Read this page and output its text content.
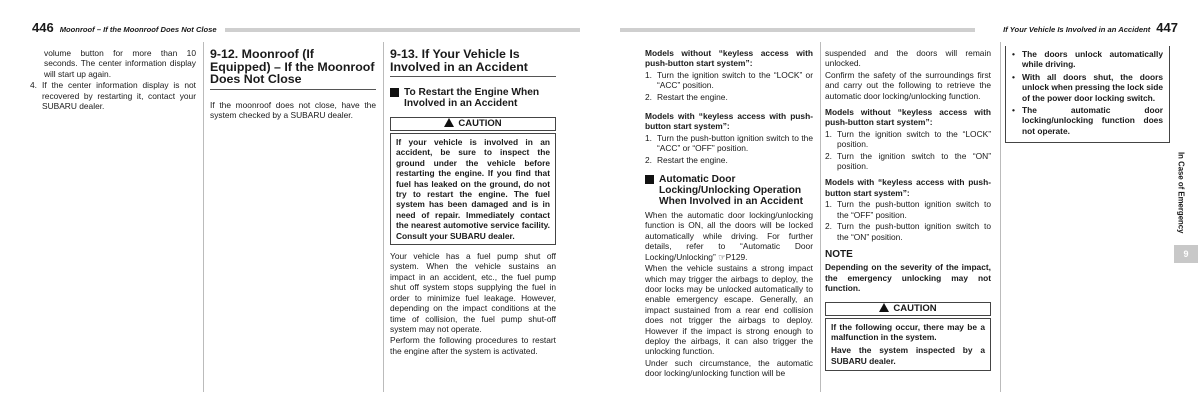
446 Moonroof – If the Moonroof Does Not Close	If Your Vehicle Is Involved in an Accident 447

volume button for more than 10 seconds. The center information display will start up again.

4. If the center information display is not recovered by restarting it, contact your SUBARU dealer.
9-12. Moonroof (If Equipped) – If the Moonroof Does Not Close

If the moonroof does not close, have the system checked by a SUBARU dealer.

9-13. If Your Vehicle Is Involved in an Accident
To Restart the Engine When Involved in an Accident
CAUTION
If your vehicle is involved in an accident, be sure to inspect the ground under the vehicle before restarting the engine. If you find that fuel has leaked on the ground, do not try to restart the engine. The fuel system has been damaged and is in need of repair. Immediately contact the nearest automotive service facility. Consult your SUBARU dealer.

Your vehicle has a fuel pump shut off system. When the vehicle sustains an impact in an accident, etc., the fuel pump shut off system stops supplying the fuel in order to minimize fuel leakage. However, depending on the impact conditions at the time of collision, the fuel pump shut-off system may not operate.

Perform the following procedures to restart the engine after the system is activated.

Models without “keyless access with push-button start system”:

1. Turn the ignition switch to the “LOCK” or “ACC” position.
2. Restart the engine.

Models with “keyless access with push-button start system”:

1. Turn the push-button ignition switch to the “ACC” or “OFF” position.
2. Restart the engine.
Automatic Door Locking/Unlocking Operation When Involved in an Accident

When the automatic door locking/unlocking function is ON, all the doors will be locked automatically while driving. For further details, refer to “Automatic Door Locking/Unlocking” ☞P129.

When the vehicle sustains a strong impact which may trigger the airbags to deploy, the door locks may be unlocked automatically to enable emergency escape. Generally, an impact sustained from a rear end collision does not trigger the airbags to deploy. However if the impact is strong enough to deploy the airbags, it can also trigger the unlocking function.

Under such circumstance, the automatic door locking/unlocking function will be

suspended and the doors will remain unlocked.

Confirm the safety of the surroundings first and carry out the following to retrieve the automatic door locking/unlocking function.

Models without “keyless access with push-button start system”:

1. Turn the ignition switch to the “LOCK” position.
2. Turn the ignition switch to the “ON” position.

Models with “keyless access with push-button start system”:

1. Turn the push-button ignition switch to the “OFF” position.
2. Turn the push-button ignition switch to the “ON” position.
NOTE

Depending on the severity of the impact, the emergency unlocking may not function.

CAUTION

If the following occur, there may be a malfunction in the system.

Have the system inspected by a SUBARU dealer.

• The doors unlock automatically while driving.
• With all doors shut, the doors unlock when pressing the lock side of the power door locking switch.
• The automatic door locking/unlocking function does not operate.
In Case of Emergency
9
